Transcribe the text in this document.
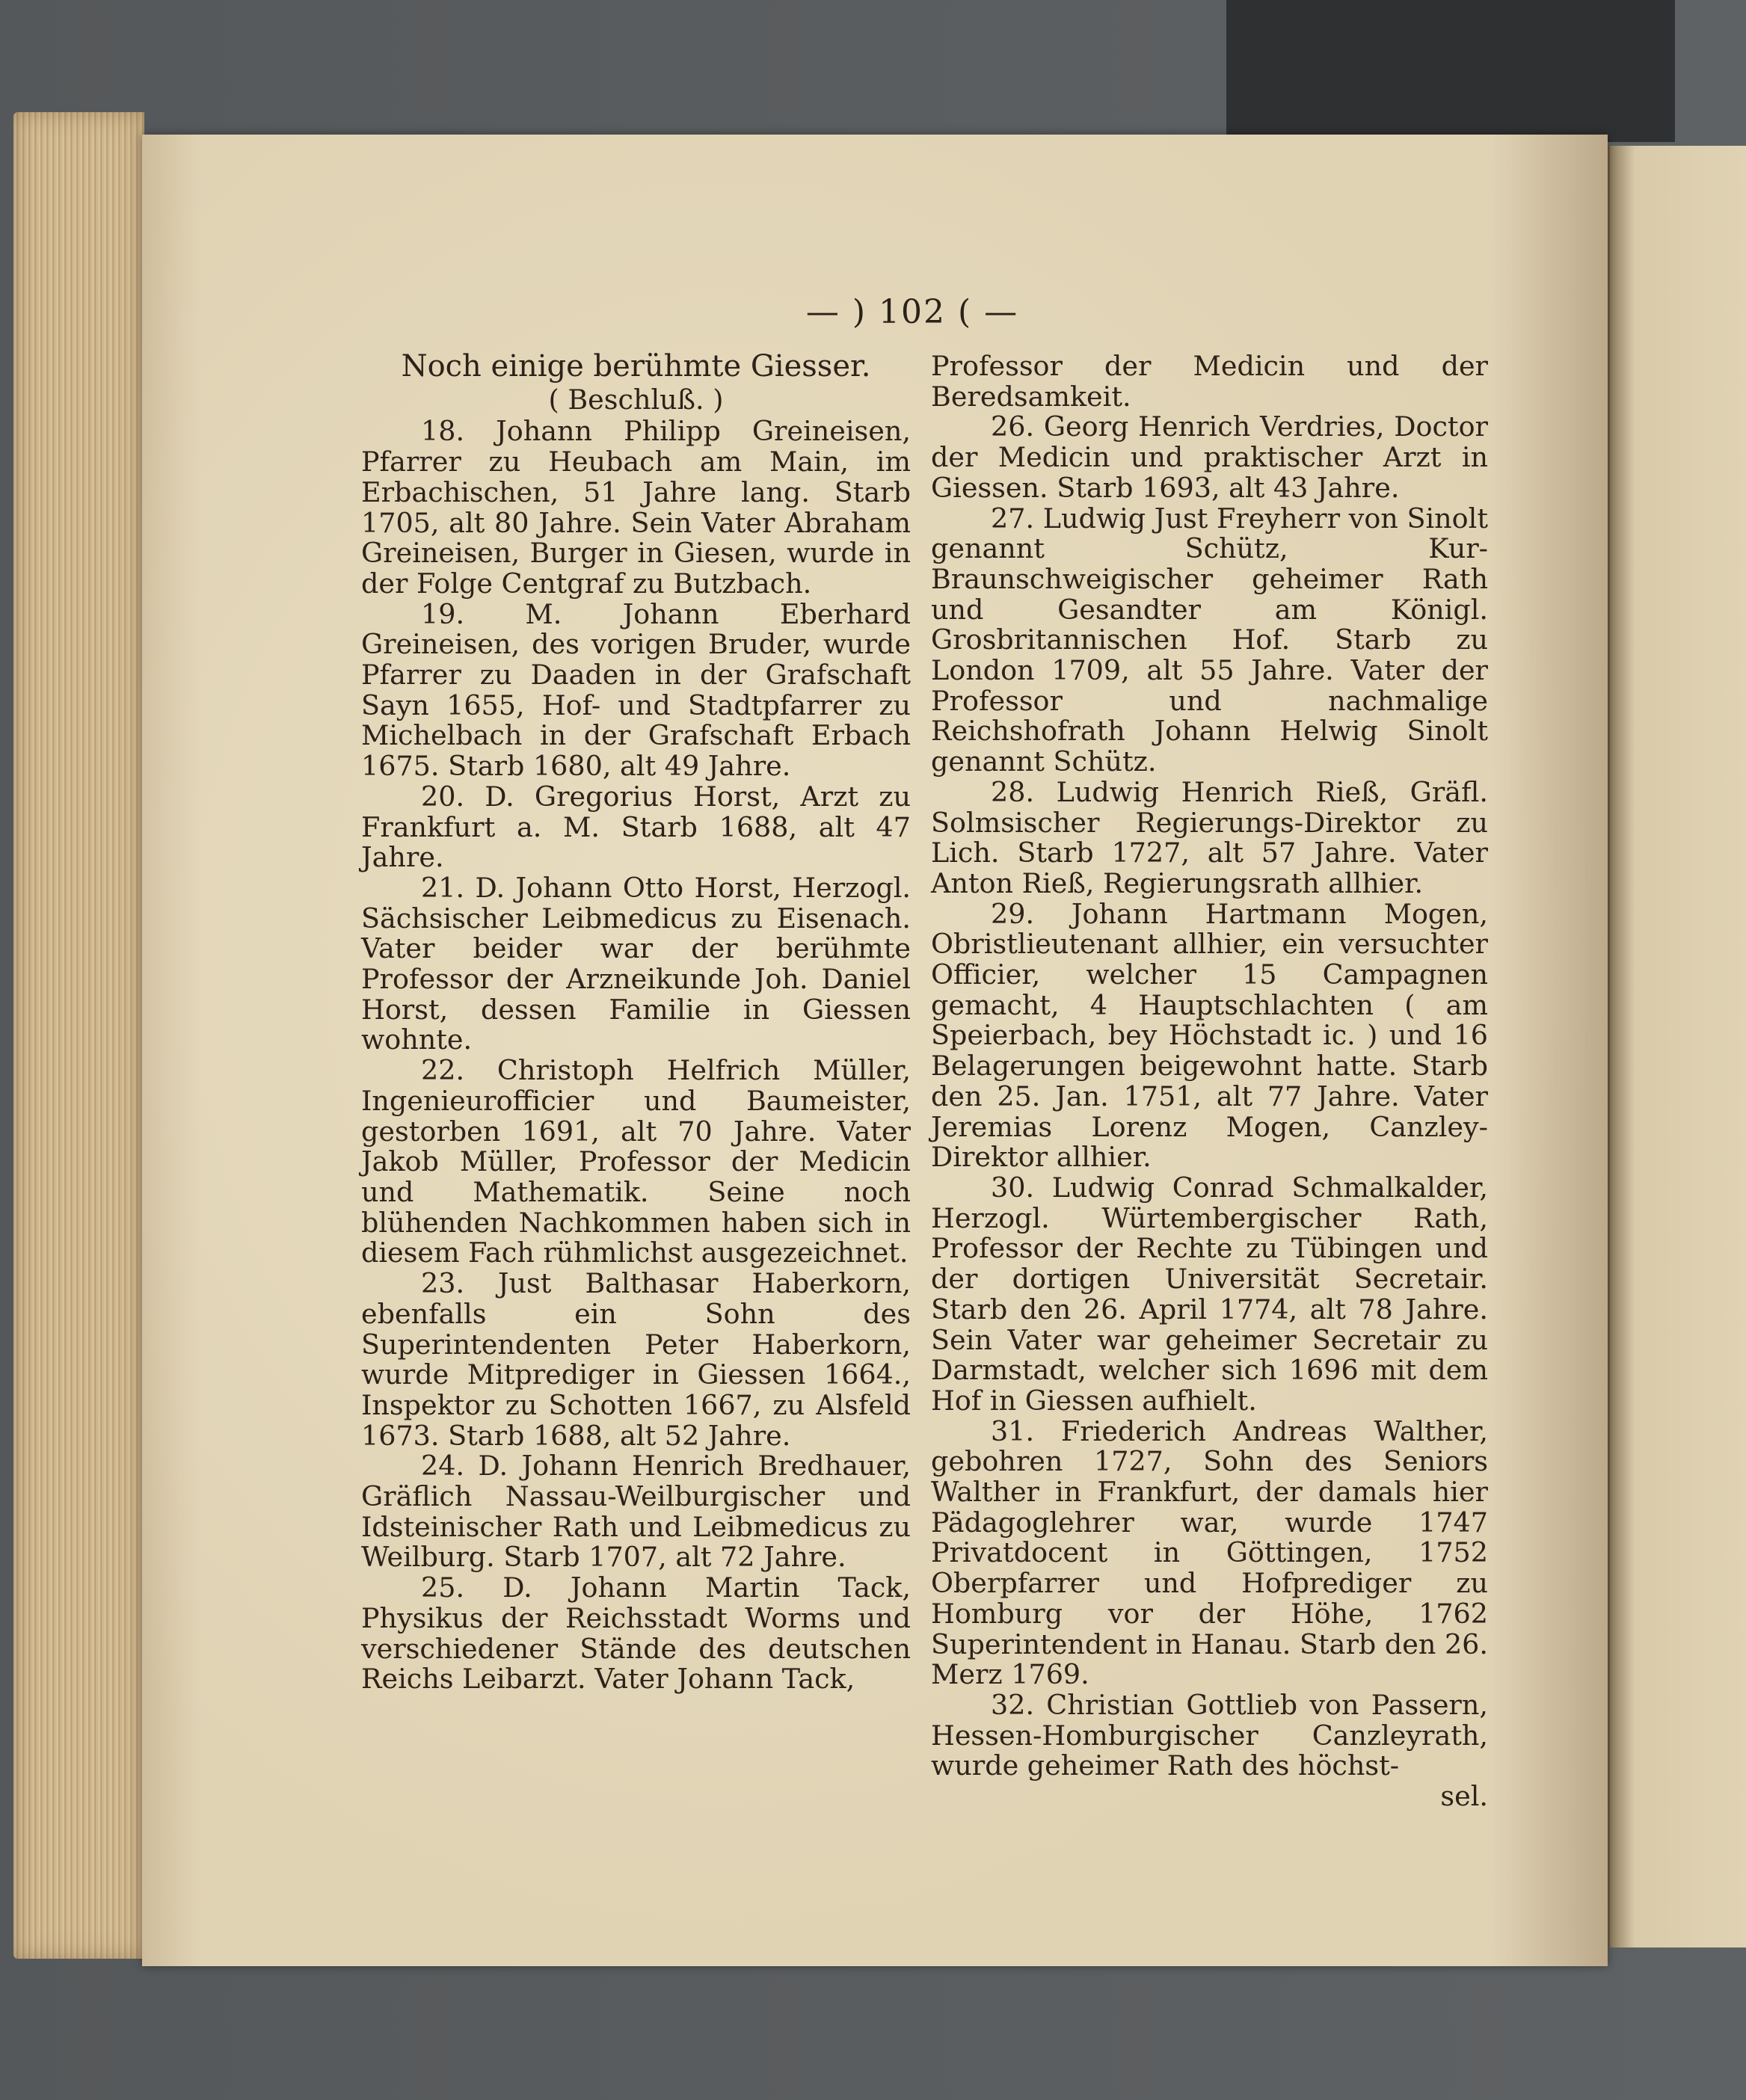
— ) 102 ( —

Noch einige berühmte Giesser.

( Beschluß. )

18. Johann Philipp Greineisen, Pfarrer zu Heubach am Main, im Erbachischen, 51 Jahre lang. Starb 1705, alt 80 Jahre. Sein Vater Abraham Greineisen, Burger in Giesen, wurde in der Folge Centgraf zu Butzbach.

19. M. Johann Eberhard Greineisen, des vorigen Bruder, wurde Pfarrer zu Daaden in der Grafschaft Sayn 1655, Hof- und Stadtpfarrer zu Michelbach in der Grafschaft Erbach 1675. Starb 1680, alt 49 Jahre.

20. D. Gregorius Horst, Arzt zu Frankfurt a. M. Starb 1688, alt 47 Jahre.

21. D. Johann Otto Horst, Herzogl. Sächsischer Leibmedicus zu Eisenach. Vater beider war der berühmte Professor der Arzneikunde Joh. Daniel Horst, dessen Familie in Giessen wohnte.

22. Christoph Helfrich Müller, Ingenieurofficier und Baumeister, gestorben 1691, alt 70 Jahre. Vater Jakob Müller, Professor der Medicin und Mathematik. Seine noch blühenden Nachkommen haben sich in diesem Fach rühmlichst ausgezeichnet.

23. Just Balthasar Haberkorn, ebenfalls ein Sohn des Superintendenten Peter Haberkorn, wurde Mitprediger in Giessen 1664., Inspektor zu Schotten 1667, zu Alsfeld 1673. Starb 1688, alt 52 Jahre.

24. D. Johann Henrich Bredhauer, Gräflich Nassau-Weilburgischer und Idsteinischer Rath und Leibmedicus zu Weilburg. Starb 1707, alt 72 Jahre.

25. D. Johann Martin Tack, Physikus der Reichsstadt Worms und verschiedener Stände des deutschen Reichs Leibarzt. Vater Johann Tack,

Professor der Medicin und der Beredsamkeit.

26. Georg Henrich Verdries, Doctor der Medicin und praktischer Arzt in Giessen. Starb 1693, alt 43 Jahre.

27. Ludwig Just Freyherr von Sinolt genannt Schütz, Kur-Braunschweigischer geheimer Rath und Gesandter am Königl. Grosbritannischen Hof. Starb zu London 1709, alt 55 Jahre. Vater der Professor und nachmalige Reichshofrath Johann Helwig Sinolt genannt Schütz.

28. Ludwig Henrich Rieß, Gräfl. Solmsischer Regierungs-Direktor zu Lich. Starb 1727, alt 57 Jahre. Vater Anton Rieß, Regierungsrath allhier.

29. Johann Hartmann Mogen, Obristlieutenant allhier, ein versuchter Officier, welcher 15 Campagnen gemacht, 4 Hauptschlachten ( am Speierbach, bey Höchstadt ic. ) und 16 Belagerungen beigewohnt hatte. Starb den 25. Jan. 1751, alt 77 Jahre. Vater Jeremias Lorenz Mogen, Canzley-Direktor allhier.

30. Ludwig Conrad Schmalkalder, Herzogl. Würtembergischer Rath, Professor der Rechte zu Tübingen und der dortigen Universität Secretair. Starb den 26. April 1774, alt 78 Jahre. Sein Vater war geheimer Secretair zu Darmstadt, welcher sich 1696 mit dem Hof in Giessen aufhielt.

31. Friederich Andreas Walther, gebohren 1727, Sohn des Seniors Walther in Frankfurt, der damals hier Pädagoglehrer war, wurde 1747 Privatdocent in Göttingen, 1752 Oberpfarrer und Hofprediger zu Homburg vor der Höhe, 1762 Superintendent in Hanau. Starb den 26. Merz 1769.

32. Christian Gottlieb von Passern, Hessen-Homburgischer Canzleyrath, wurde geheimer Rath des höchst-

sel.
